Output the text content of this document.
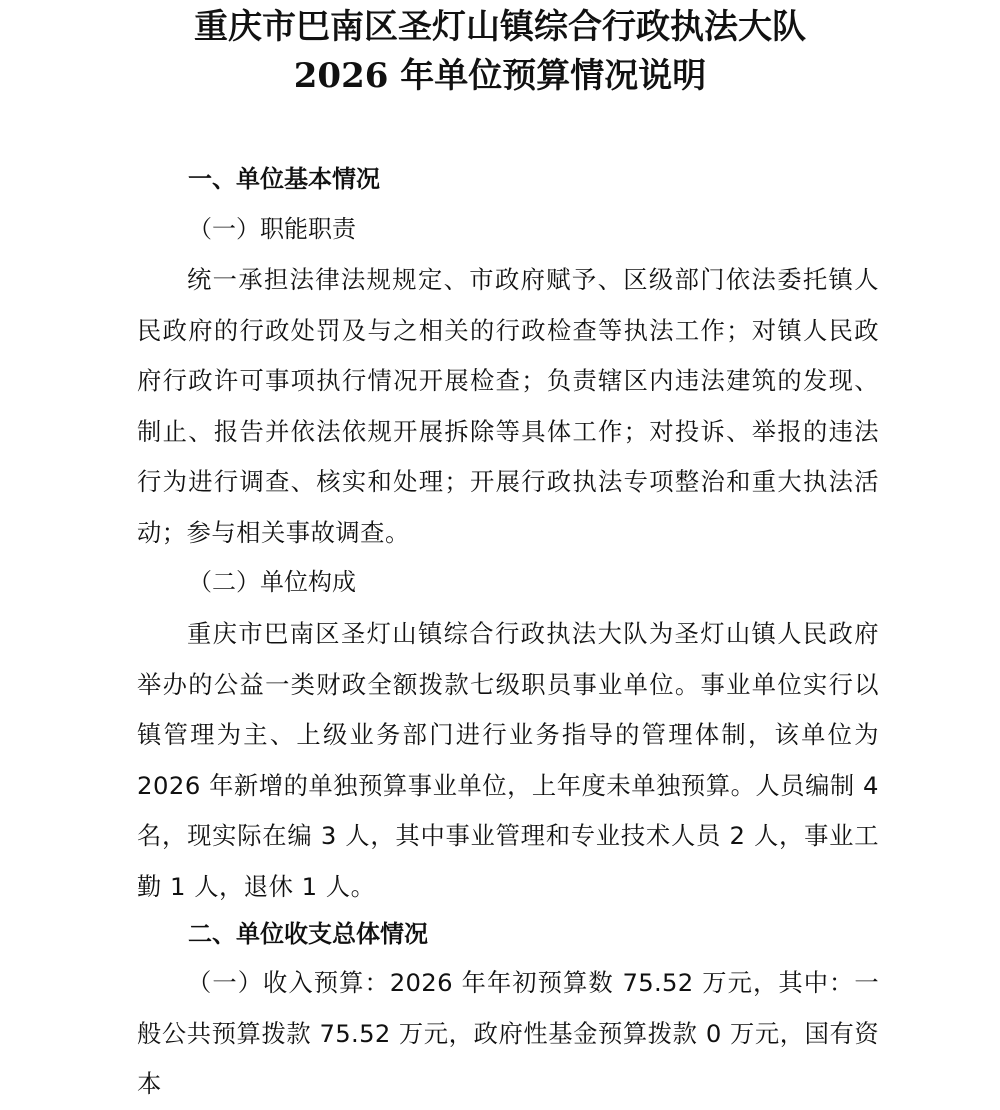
重庆市巴南区圣灯山镇综合行政执法大队
2026 年单位预算情况说明
一、单位基本情况
（一）职能职责
统一承担法律法规规定、市政府赋予、区级部门依法委托镇人民政府的行政处罚及与之相关的行政检查等执法工作；对镇人民政府行政许可事项执行情况开展检查；负责辖区内违法建筑的发现、制止、报告并依法依规开展拆除等具体工作；对投诉、举报的违法行为进行调查、核实和处理；开展行政执法专项整治和重大执法活动；参与相关事故调查。
（二）单位构成
重庆市巴南区圣灯山镇综合行政执法大队为圣灯山镇人民政府举办的公益一类财政全额拨款七级职员事业单位。事业单位实行以镇管理为主、上级业务部门进行业务指导的管理体制，该单位为 2026 年新增的单独预算事业单位，上年度未单独预算。人员编制 4 名，现实际在编 3 人，其中事业管理和专业技术人员 2 人，事业工勤 1 人，退休 1 人。
二、单位收支总体情况
（一）收入预算：2026 年年初预算数 75.52 万元，其中：一般公共预算拨款 75.52 万元，政府性基金预算拨款 0 万元，国有资本
